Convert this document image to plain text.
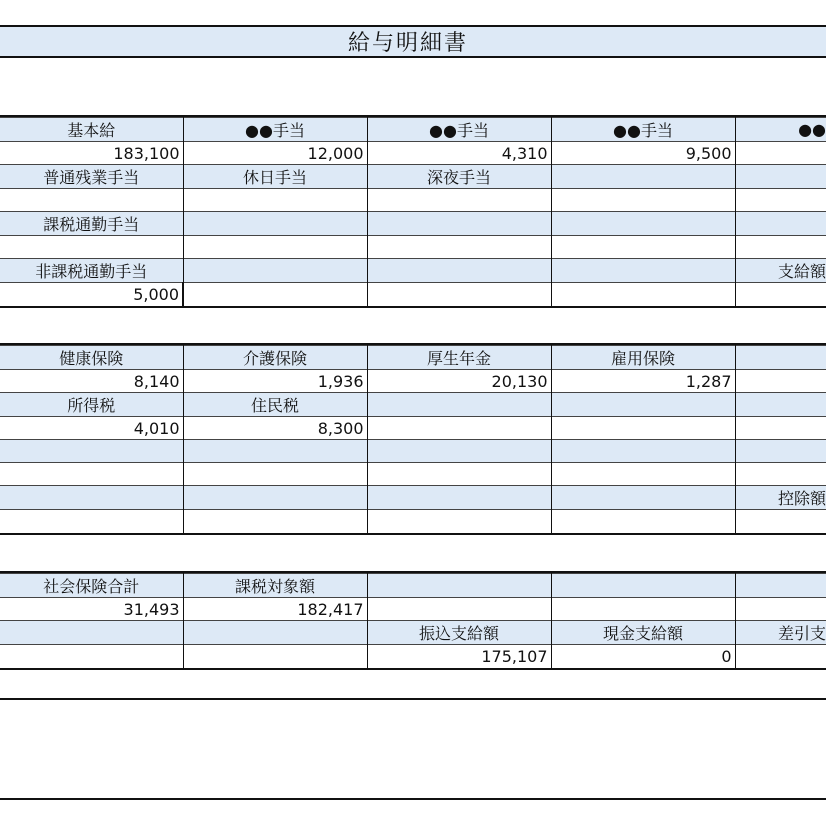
給与明細書
基本給	●●手当	●●手当	●●手当	●●
183,100	12,000	4,310	9,500	
普通残業手当	休日手当	深夜手当		

課税通勤手当				

非課税通勤手当				支給額
5,000				
健康保険	介護保険	厚生年金	雇用保険	
8,140	1,936	20,130	1,287	
所得税	住民税			
4,010	8,300			

				控除額

社会保険合計	課税対象額			
31,493	182,417			
		振込支給額	現金支給額	差引支
		175,107	0	
